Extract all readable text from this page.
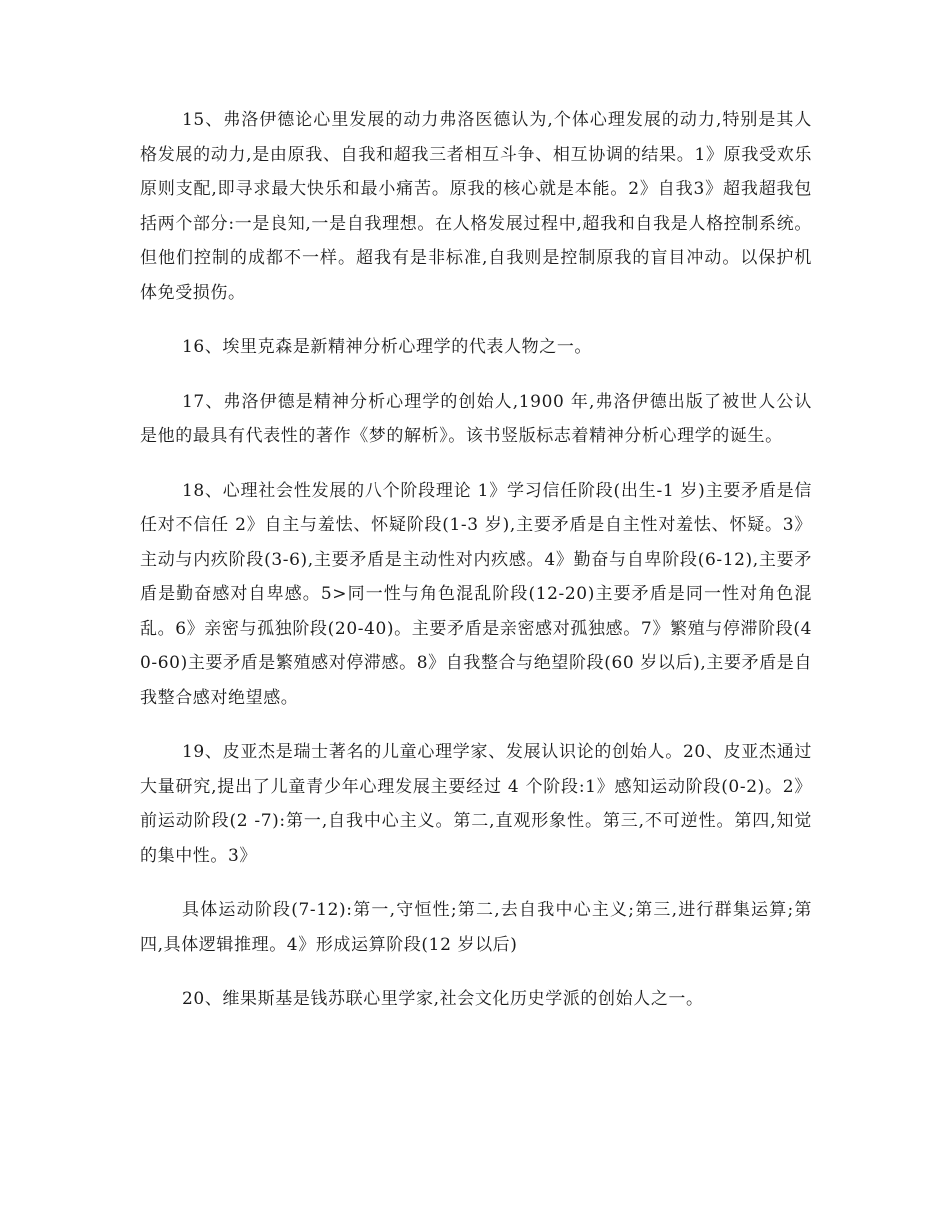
15、弗洛伊德论心里发展的动力弗洛医德认为,个体心理发展的动力,特别是其人格发展的动力,是由原我、自我和超我三者相互斗争、相互协调的结果。1》原我受欢乐原则支配,即寻求最大快乐和最小痛苦。原我的核心就是本能。2》自我3》超我超我包括两个部分:一是良知,一是自我理想。在人格发展过程中,超我和自我是人格控制系统。但他们控制的成都不一样。超我有是非标准,自我则是控制原我的盲目冲动。以保护机体免受损伤。

16、埃里克森是新精神分析心理学的代表人物之一。

17、弗洛伊德是精神分析心理学的创始人,1900 年,弗洛伊德出版了被世人公认是他的最具有代表性的著作《梦的解析》。该书竖版标志着精神分析心理学的诞生。

18、心理社会性发展的八个阶段理论 1》学习信任阶段(出生-1 岁)主要矛盾是信任对不信任 2》自主与羞怯、怀疑阶段(1-3 岁),主要矛盾是自主性对羞怯、怀疑。3》主动与内疚阶段(3-6),主要矛盾是主动性对内疚感。4》勤奋与自卑阶段(6-12),主要矛盾是勤奋感对自卑感。5>同一性与角色混乱阶段(12-20)主要矛盾是同一性对角色混乱。6》亲密与孤独阶段(20-40)。主要矛盾是亲密感对孤独感。7》繁殖与停滞阶段(40-60)主要矛盾是繁殖感对停滞感。8》自我整合与绝望阶段(60 岁以后),主要矛盾是自我整合感对绝望感。

19、皮亚杰是瑞士著名的儿童心理学家、发展认识论的创始人。20、皮亚杰通过大量研究,提出了儿童青少年心理发展主要经过 4 个阶段:1》感知运动阶段(0-2)。2》前运动阶段(2 -7):第一,自我中心主义。第二,直观形象性。第三,不可逆性。第四,知觉的集中性。3》

具体运动阶段(7-12):第一,守恒性;第二,去自我中心主义;第三,进行群集运算;第四,具体逻辑推理。4》形成运算阶段(12 岁以后)

20、维果斯基是钱苏联心里学家,社会文化历史学派的创始人之一。
